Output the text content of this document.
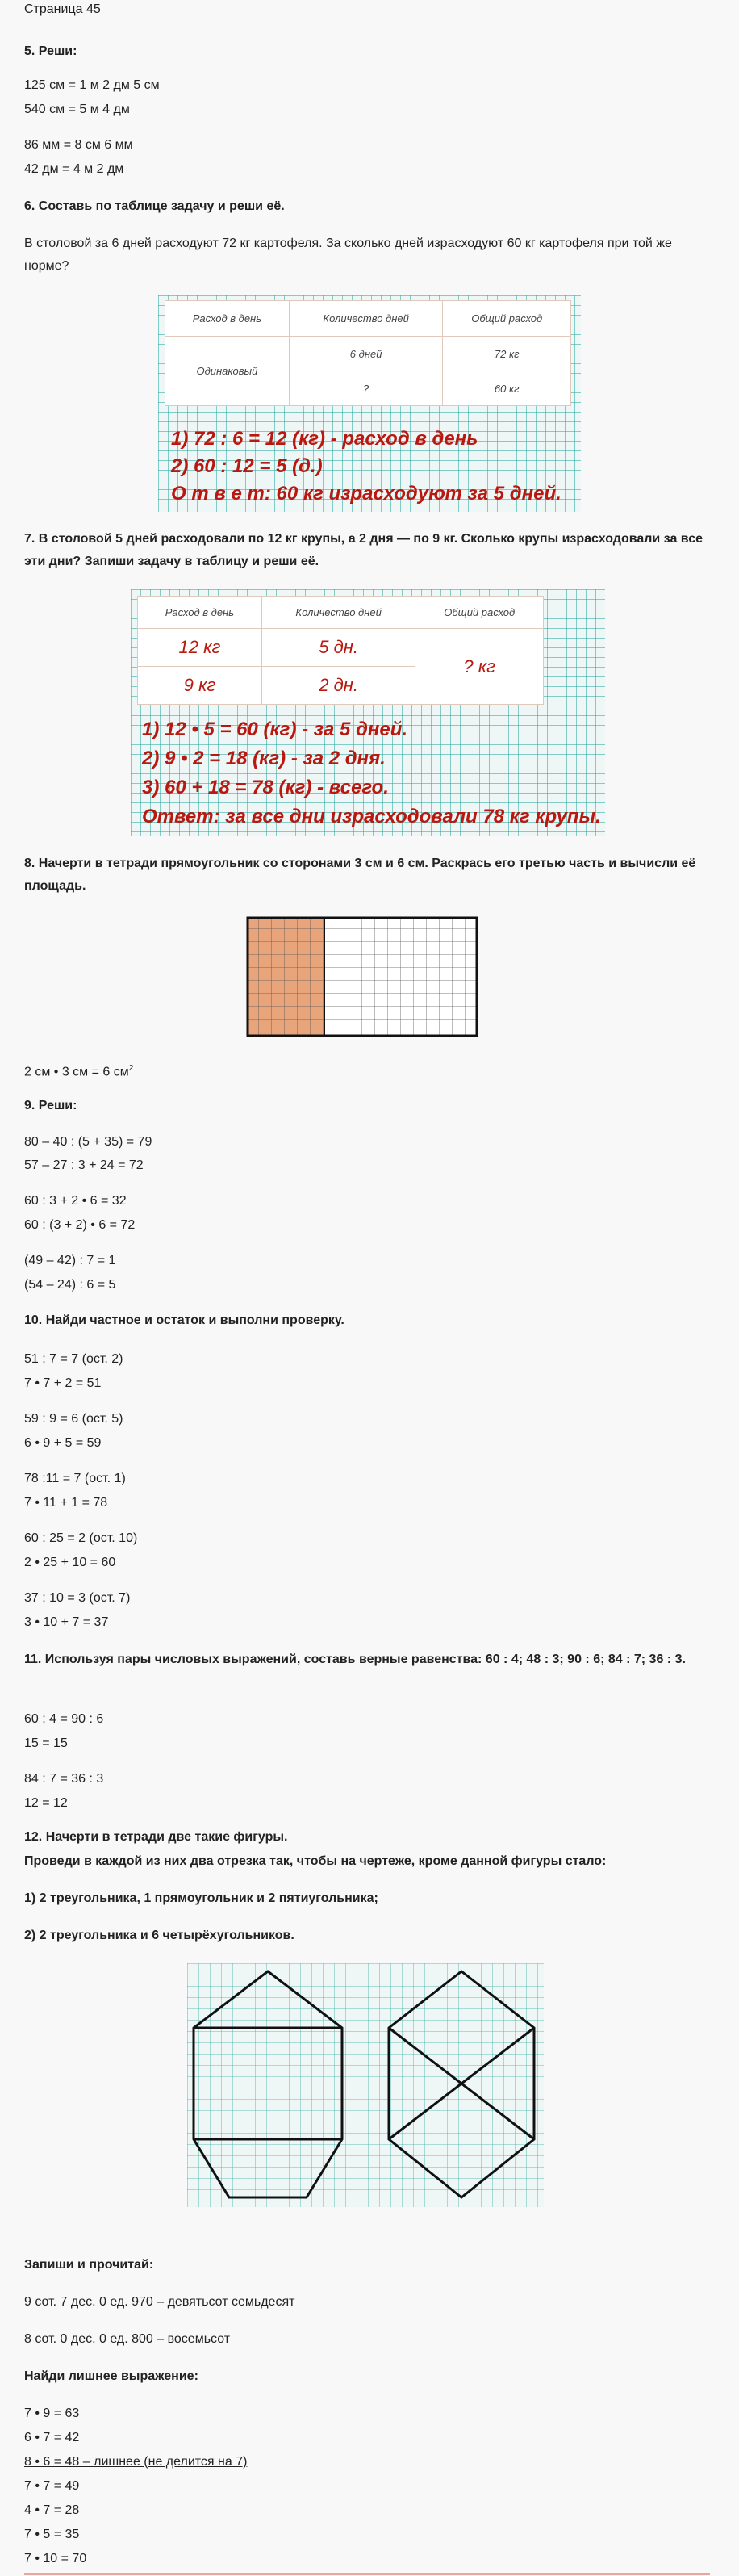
Страница 45
5. Реши:
125 см = 1 м 2 дм 5 см
540 см = 5 м 4 дм
86 мм = 8 см 6 мм
42 дм = 4 м 2 дм
6. Составь по таблице задачу и реши её.
В столовой за 6 дней расходуют 72 кг картофеля. За сколько дней израсходуют 60 кг картофеля при той же норме?
Расход в день	Количество дней	Общий расход
Одинаковый	6 дней	72 кг
	?	60 кг
1) 72 : 6 = 12 (кг) - расход в день
2) 60 : 12 = 5 (д.)
О т в е т: 60 кг израсходуют за 5 дней.
7. В столовой 5 дней расходовали по 12 кг крупы, а 2 дня — по 9 кг. Сколько крупы израсходовали за все эти дни? Запиши задачу в таблицу и реши её.
Расход в день	Количество дней	Общий расход
12 кг	5 дн.	? кг
9 кг	2 дн.	
1) 12 • 5 = 60 (кг) - за 5 дней.
2) 9 • 2 = 18 (кг) - за 2 дня.
3) 60 + 18 = 78 (кг) - всего.
Ответ: за все дни израсходовали 78 кг крупы.
8. Начерти в тетради прямоугольник со сторонами 3 см и 6 см. Раскрась его третью часть и вычисли её площадь.
2 см • 3 см = 6 $см^2$
9. Реши:
80 – 40 : (5 + 35) = 79
57 – 27 : 3 + 24 = 72
60 : 3 + 2 • 6 = 32
60 : (3 + 2) • 6 = 72
(49 – 42) : 7 = 1
(54 – 24) : 6 = 5
10. Найди частное и остаток и выполни проверку.
51 : 7 = 7 (ост. 2)
7 • 7 + 2 = 51
59 : 9 = 6 (ост. 5)
6 • 9 + 5 = 59
78 :11 = 7 (ост. 1)
7 • 11 + 1 = 78
60 : 25 = 2 (ост. 10)
2 • 25 + 10 = 60
37 : 10 = 3 (ост. 7)
3 • 10 + 7 = 37
11. Используя пары числовых выражений, составь верные равенства: 60 : 4; 48 : 3; 90 : 6; 84 : 7; 36 : 3.
60 : 4 = 90 : 6
15 = 15
84 : 7 = 36 : 3
12 = 12
12. Начерти в тетради две такие фигуры.
Проведи в каждой из них два отрезка так, чтобы на чертеже, кроме данной фигуры стало:
1) 2 треугольника, 1 прямоугольник и 2 пятиугольника;
2) 2 треугольника и 6 четырёхугольников.
Запиши и прочитай:
9 сот. 7 дес. 0 ед. 970 – девятьсот семьдесят
8 сот. 0 дес. 0 ед. 800 – восемьсот
Найди лишнее выражение:
7 • 9 = 63
6 • 7 = 42
8 • 6 = 48 – лишнее (не делится на 7)
7 • 7 = 49
4 • 7 = 28
7 • 5 = 35
7 • 10 = 70
